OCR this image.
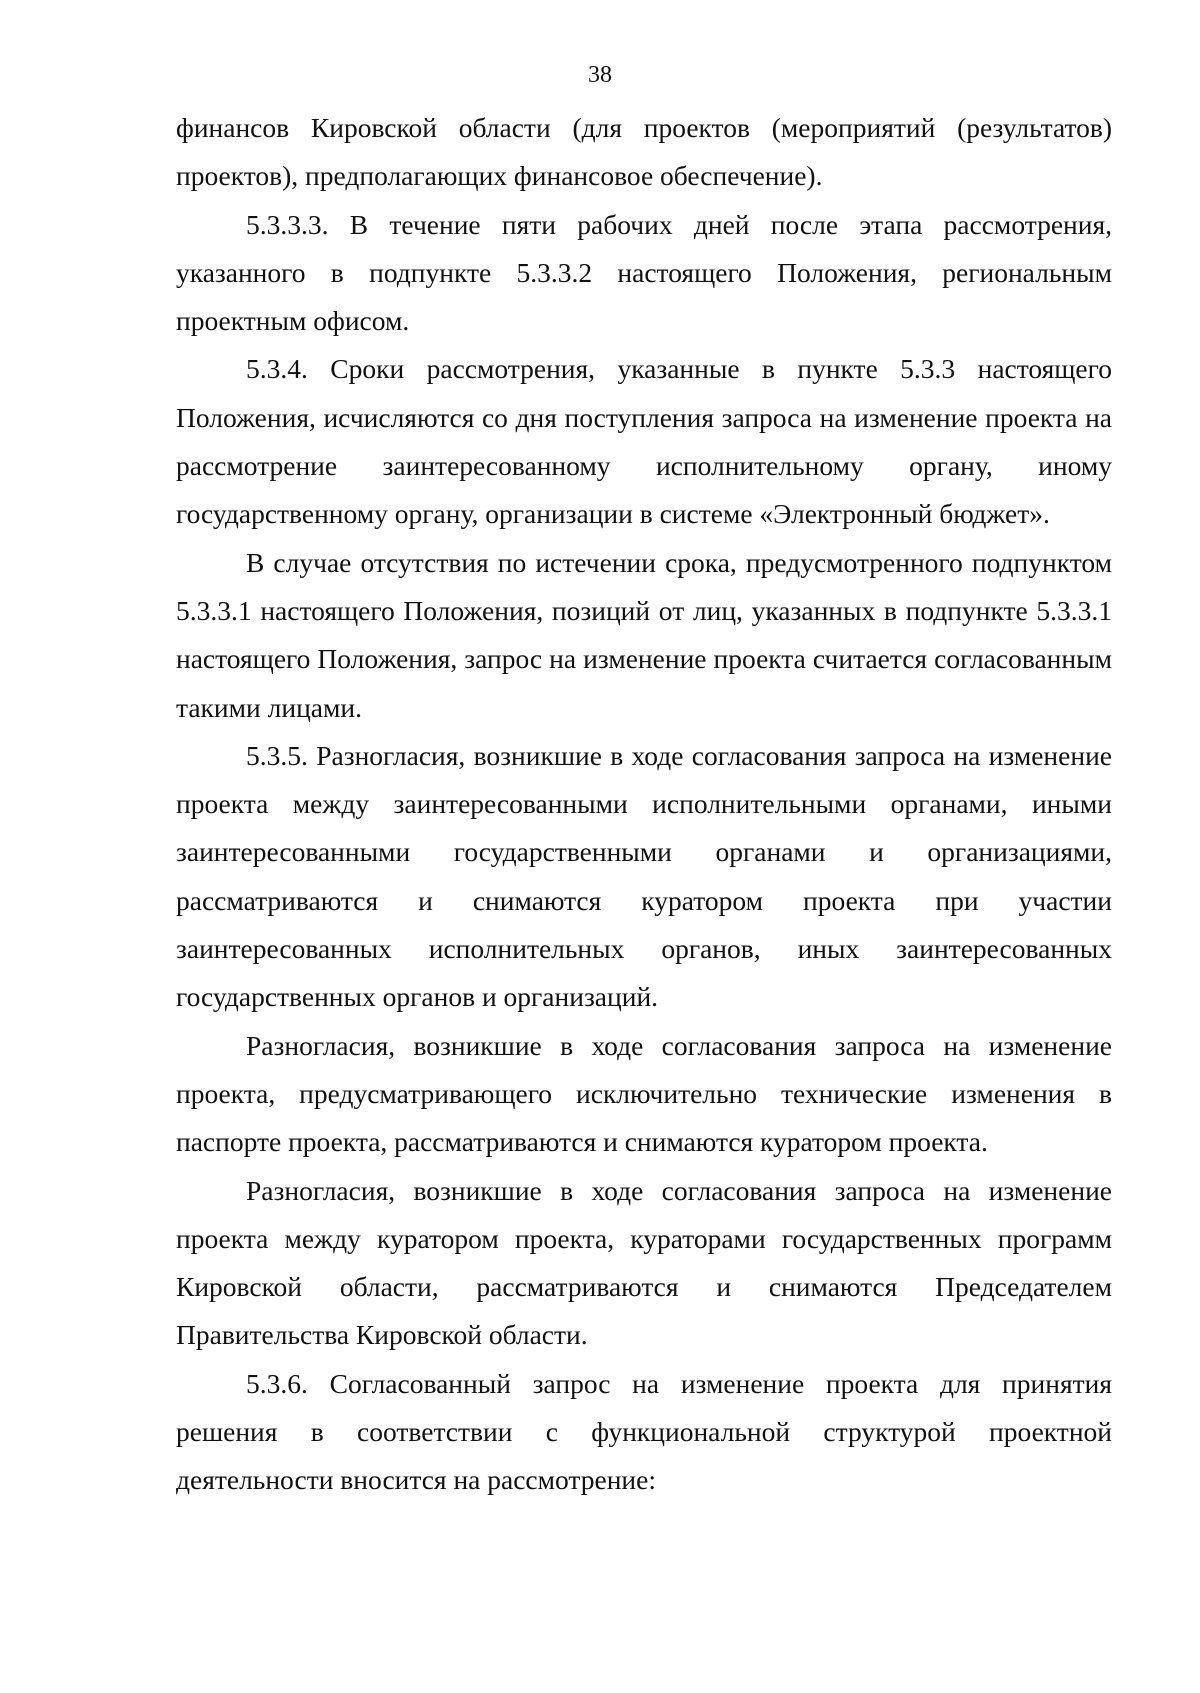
38

финансов Кировской области (для проектов (мероприятий (результатов) проектов), предполагающих финансовое обеспечение).

5.3.3.3. В течение пяти рабочих дней после этапа рассмотрения, указанного в подпункте 5.3.3.2 настоящего Положения, региональным проектным офисом.

5.3.4. Сроки рассмотрения, указанные в пункте 5.3.3 настоящего Положения, исчисляются со дня поступления запроса на изменение проекта на рассмотрение заинтересованному исполнительному органу, иному государственному органу, организации в системе «Электронный бюджет».

В случае отсутствия по истечении срока, предусмотренного подпунктом 5.3.3.1 настоящего Положения, позиций от лиц, указанных в подпункте 5.3.3.1 настоящего Положения, запрос на изменение проекта считается согласованным такими лицами.

5.3.5. Разногласия, возникшие в ходе согласования запроса на изменение проекта между заинтересованными исполнительными органами, иными заинтересованными государственными органами и организациями, рассматриваются и снимаются куратором проекта при участии заинтересованных исполнительных органов, иных заинтересованных государственных органов и организаций.

Разногласия, возникшие в ходе согласования запроса на изменение проекта, предусматривающего исключительно технические изменения в паспорте проекта, рассматриваются и снимаются куратором проекта.

Разногласия, возникшие в ходе согласования запроса на изменение проекта между куратором проекта, кураторами государственных программ Кировской области, рассматриваются и снимаются Председателем Правительства Кировской области.

5.3.6. Согласованный запрос на изменение проекта для принятия решения в соответствии с функциональной структурой проектной деятельности вносится на рассмотрение:
